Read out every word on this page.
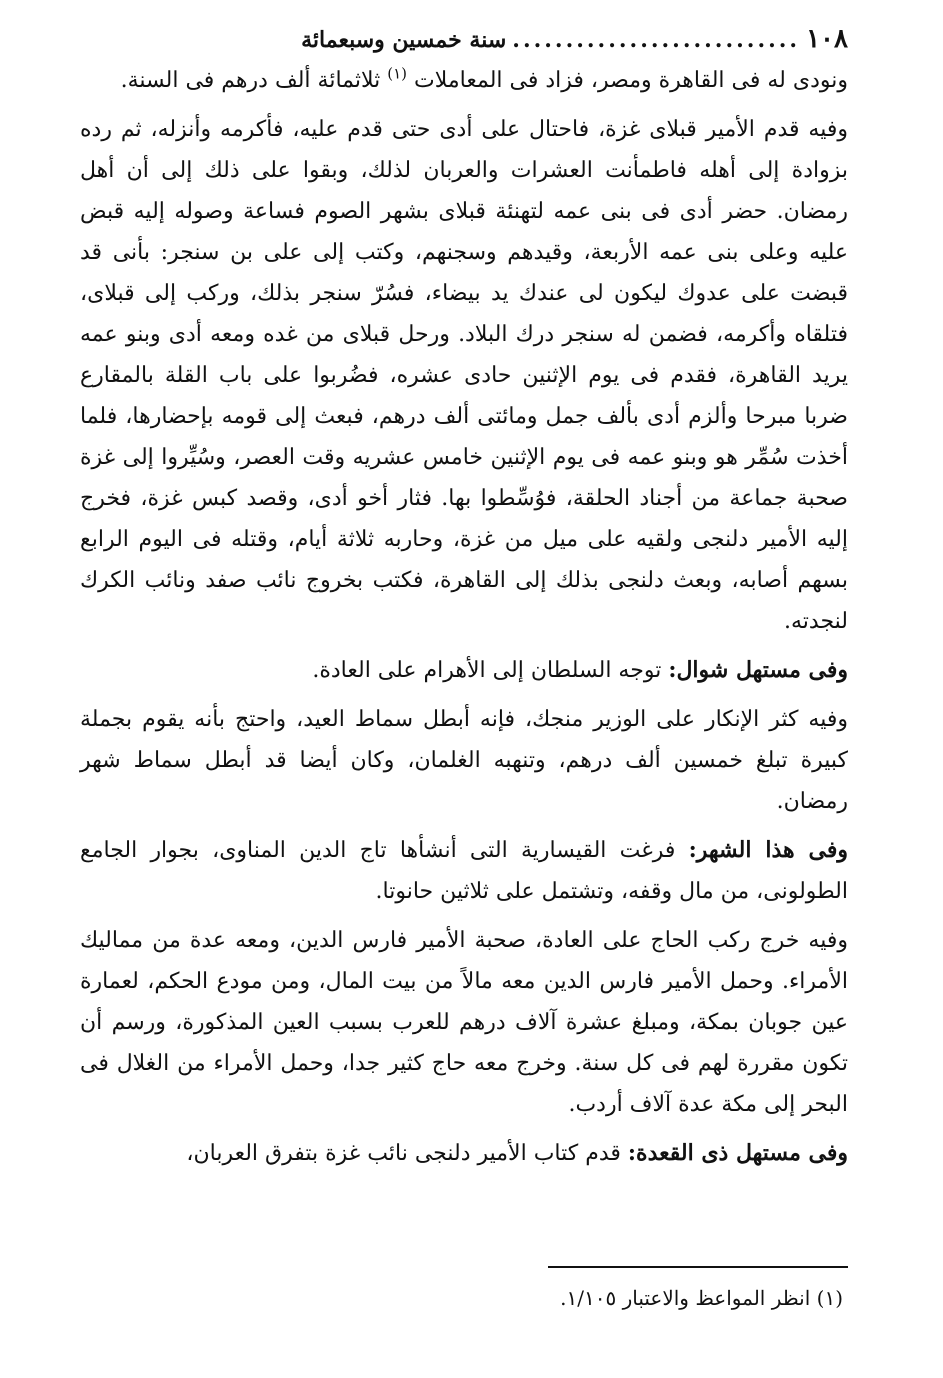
١٠٨
...........................
سنة خمسين وسبعمائة

ونودى له فى القاهرة ومصر، فزاد فى المعاملات $^{(١)}$ ثلاثمائة ألف درهم فى السنة.

وفيه قدم الأمير قبلاى غزة، فاحتال على أدى حتى قدم عليه، فأكرمه وأنزله، ثم رده بزوادة إلى أهله فاطمأنت العشرات والعربان لذلك، وبقوا على ذلك إلى أن أهل رمضان. حضر أدى فى بنى عمه لتهنئة قبلاى بشهر الصوم فساعة وصوله إليه قبض عليه وعلى بنى عمه الأربعة، وقيدهم وسجنهم، وكتب إلى على بن سنجر: بأنى قد قبضت على عدوك ليكون لى عندك يد بيضاء، فسُرّ سنجر بذلك، وركب إلى قبلاى، فتلقاه وأكرمه، فضمن له سنجر درك البلاد. ورحل قبلاى من غده ومعه أدى وبنو عمه يريد القاهرة، فقدم فى يوم الإثنين حادى عشره، فضُربوا على باب القلة بالمقارع ضربا مبرحا وألزم أدى بألف جمل ومائتى ألف درهم، فبعث إلى قومه بإحضارها، فلما أخذت سُمِّر هو وبنو عمه فى يوم الإثنين خامس عشريه وقت العصر، وسُيِّروا إلى غزة صحبة جماعة من أجناد الحلقة، فوُسِّطوا بها. فثار أخو أدى، وقصد كبس غزة، فخرج إليه الأمير دلنجى ولقيه على ميل من غزة، وحاربه ثلاثة أيام، وقتله فى اليوم الرابع بسهم أصابه، وبعث دلنجى بذلك إلى القاهرة، فكتب بخروج نائب صفد ونائب الكرك لنجدته.

وفى مستهل شوال: توجه السلطان إلى الأهرام على العادة.

وفيه كثر الإنكار على الوزير منجك، فإنه أبطل سماط العيد، واحتج بأنه يقوم بجملة كبيرة تبلغ خمسين ألف درهم، وتنهبه الغلمان، وكان أيضا قد أبطل سماط شهر رمضان.

وفى هذا الشهر: فرغت القيسارية التى أنشأها تاج الدين المناوى، بجوار الجامع الطولونى، من مال وقفه، وتشتمل على ثلاثين حانوتا.

وفيه خرج ركب الحاج على العادة، صحبة الأمير فارس الدين، ومعه عدة من مماليك الأمراء. وحمل الأمير فارس الدين معه مالاً من بيت المال، ومن مودع الحكم، لعمارة عين جوبان بمكة، ومبلغ عشرة آلاف درهم للعرب بسبب العين المذكورة، ورسم أن تكون مقررة لهم فى كل سنة. وخرج معه حاج كثير جدا، وحمل الأمراء من الغلال فى البحر إلى مكة عدة آلاف أردب.

وفى مستهل ذى القعدة: قدم كتاب الأمير دلنجى نائب غزة بتفرق العربان،

(١) انظر المواعظ والاعتبار ١/١٠٥.
